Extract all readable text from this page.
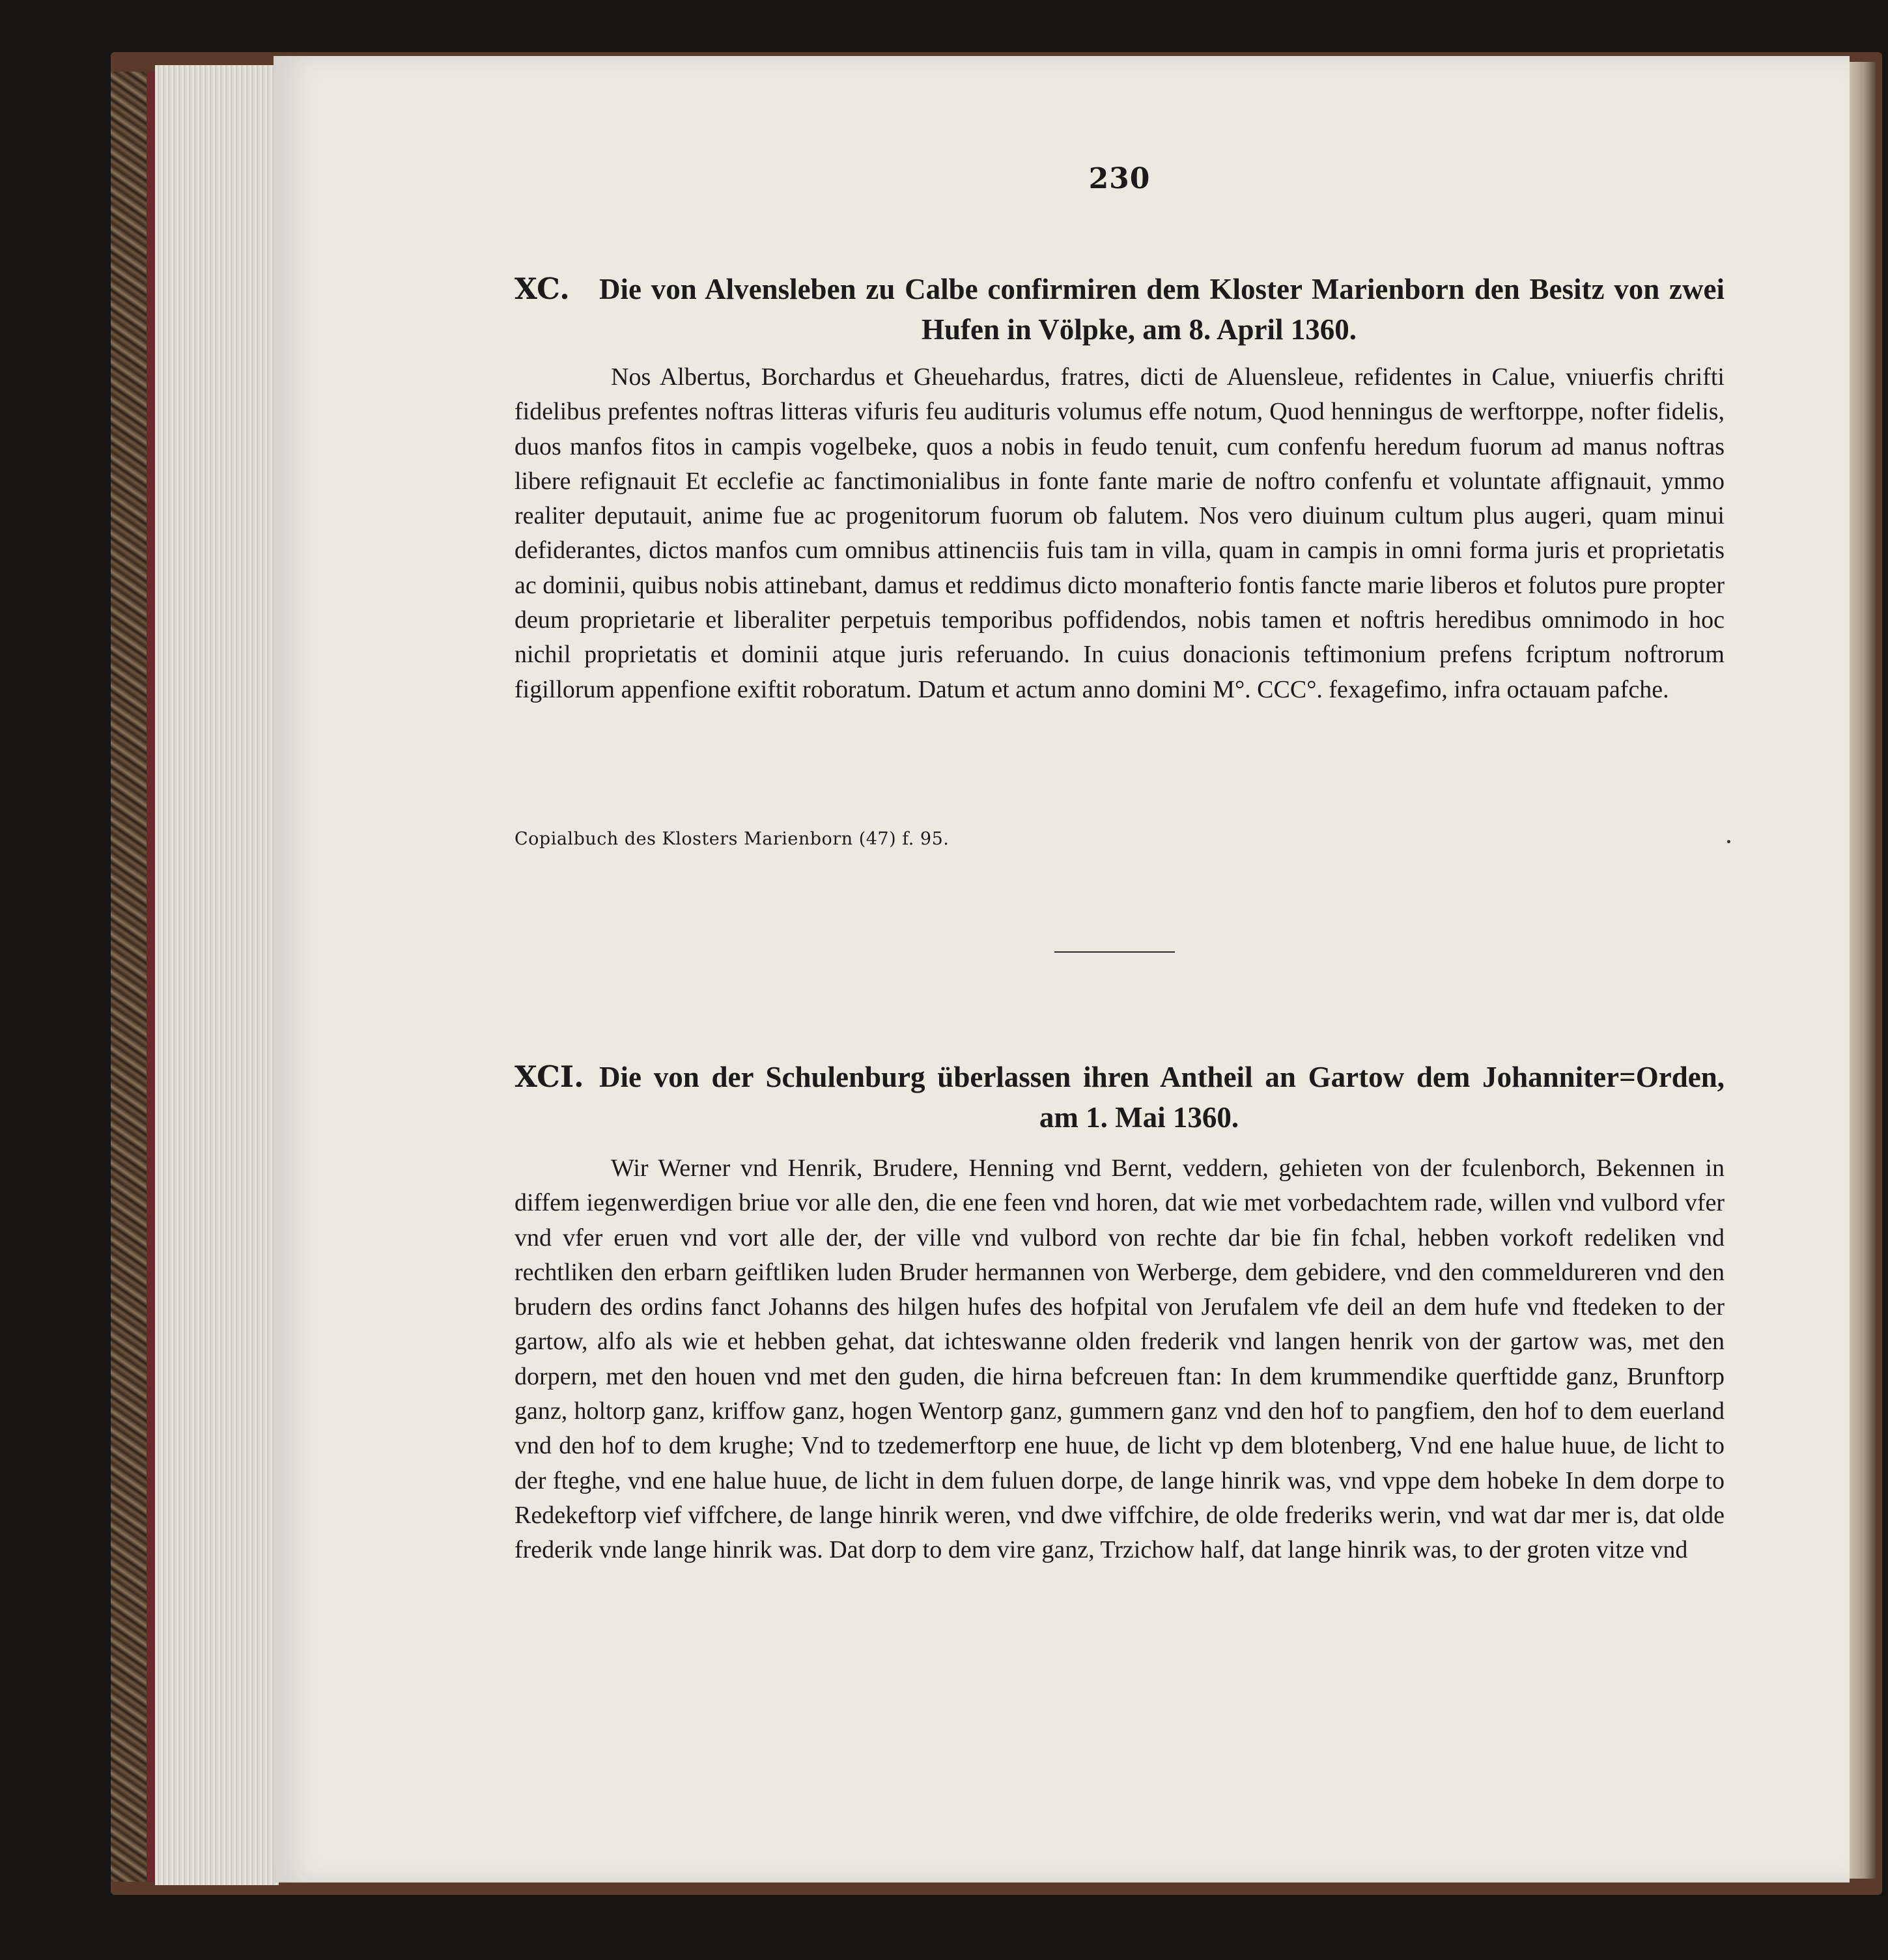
230
XC. Die von Alvensleben zu Calbe confirmiren dem Kloster Marienborn den Besitz von zwei
Hufen in Völpke, am 8. April 1360.

Nos Albertus, Borchardus et Gheuehardus, fratres, dicti de Aluensleue, refidentes in Calue, vniuerfis chrifti fidelibus prefentes noftras litteras vifuris feu audituris volumus effe notum, Quod henningus de werftorppe, nofter fidelis, duos manfos fitos in campis vogelbeke, quos a nobis in feudo tenuit, cum confenfu heredum fuorum ad manus noftras libere refignauit Et ecclefie ac fanctimonialibus in fonte fante marie de noftro confenfu et voluntate affignauit, ymmo realiter deputauit, anime fue ac progenitorum fuorum ob falutem. Nos vero diuinum cultum plus augeri, quam minui defiderantes, dictos manfos cum omnibus attinenciis fuis tam in villa, quam in campis in omni forma juris et proprietatis ac dominii, quibus nobis attinebant, damus et reddimus dicto monafterio fontis fancte marie liberos et folutos pure propter deum proprietarie et liberaliter perpetuis temporibus poffidendos, nobis tamen et noftris heredibus omnimodo in hoc nichil proprietatis et dominii atque juris referuando. In cuius donacionis teftimonium prefens fcriptum noftrorum figillorum appenfione exiftit roboratum. Datum et actum anno domini M°. CCC°. fexagefimo, infra octauam pafche.

Copialbuch des Klosters Marienborn (47) f. 95.
XCI. Die von der Schulenburg überlassen ihren Antheil an Gartow dem Johanniter=Orden,
am 1. Mai 1360.

Wir Werner vnd Henrik, Brudere, Henning vnd Bernt, veddern, gehieten von der fculenborch, Bekennen in diffem iegenwerdigen briue vor alle den, die ene feen vnd horen, dat wie met vorbedachtem rade, willen vnd vulbord vfer vnd vfer eruen vnd vort alle der, der ville vnd vulbord von rechte dar bie fin fchal, hebben vorkoft redeliken vnd rechtliken den erbarn geiftliken luden Bruder hermannen von Werberge, dem gebidere, vnd den commeldureren vnd den brudern des ordins fanct Johanns des hilgen hufes des hofpital von Jerufalem vfe deil an dem hufe vnd ftedeken to der gartow, alfo als wie et hebben gehat, dat ichteswanne olden frederik vnd langen henrik von der gartow was, met den dorpern, met den houen vnd met den guden, die hirna befcreuen ftan: In dem krummendike querftidde ganz, Brunftorp ganz, holtorp ganz, kriffow ganz, hogen Wentorp ganz, gummern ganz vnd den hof to pangfiem, den hof to dem euerland vnd den hof to dem krughe; Vnd to tzedemerftorp ene huue, de licht vp dem blotenberg, Vnd ene halue huue, de licht to der fteghe, vnd ene halue huue, de licht in dem fuluen dorpe, de lange hinrik was, vnd vppe dem hobeke In dem dorpe to Redekeftorp vief viffchere, de lange hinrik weren, vnd dwe viffchire, de olde frederiks werin, vnd wat dar mer is, dat olde frederik vnde lange hinrik was. Dat dorp to dem vire ganz, Trzichow half, dat lange hinrik was, to der groten vitze vnd
